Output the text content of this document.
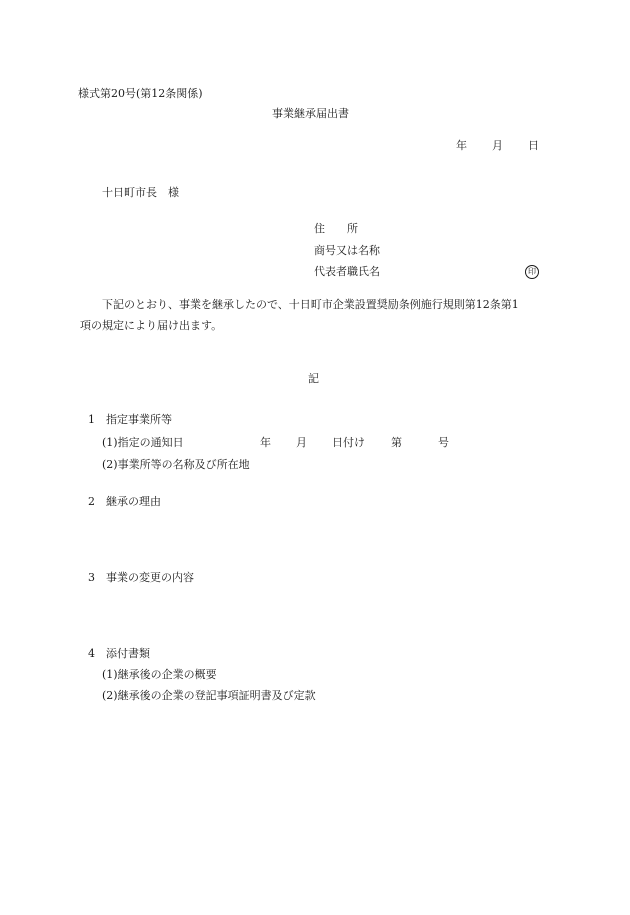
様式第20号(第12条関係)
事業継承届出書
年 月 日
十日町市長　様
住　　所
商号又は名称
代表者職氏名	印
下記のとおり、事業を継承したので、十日町市企業設置奨励条例施行規則第12条第1
項の規定により届け出ます。
記
1 指定事業所等
(1)指定の通知日	年 月 日付け 第	号
(2)事業所等の名称及び所在地
2 継承の理由
3 事業の変更の内容
4 添付書類
(1)継承後の企業の概要
(2)継承後の企業の登記事項証明書及び定款
